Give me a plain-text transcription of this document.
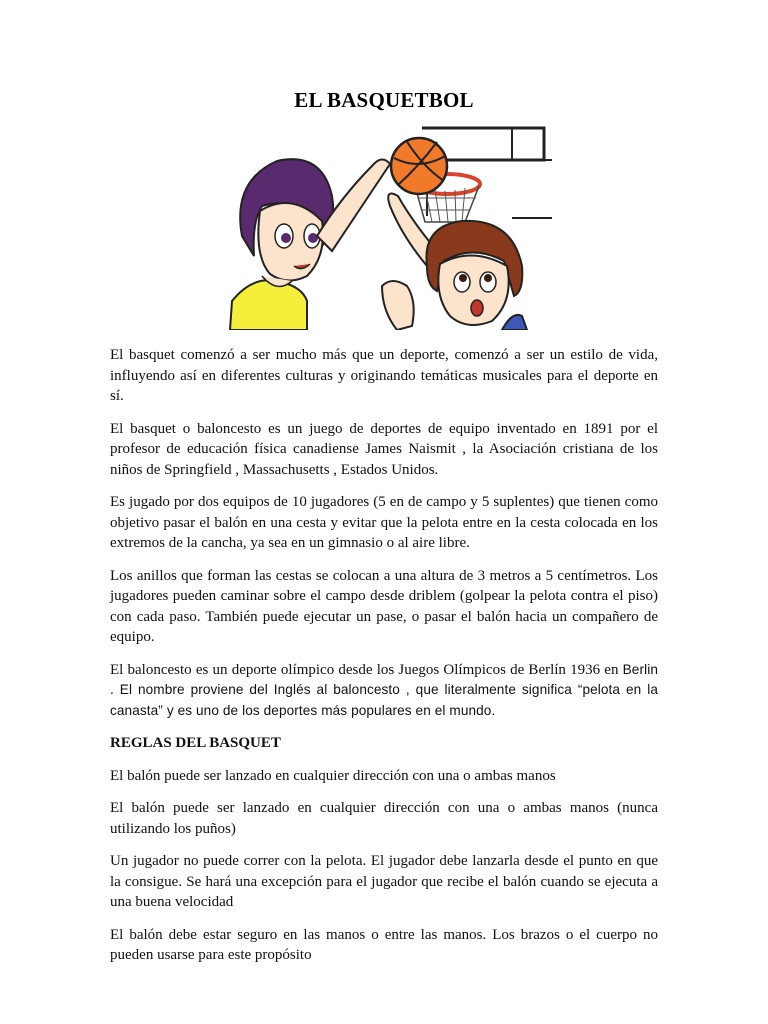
EL BASQUETBOL

El basquet comenzó a ser mucho más que un deporte, comenzó a ser un estilo de vida, influyendo así en diferentes culturas y originando temáticas musicales para el deporte en sí.

El basquet o baloncesto es un juego de deportes de equipo inventado en 1891 por el profesor de educación física canadiense James Naismit , la Asociación cristiana de los niños de Springfield , Massachusetts , Estados Unidos.

Es jugado por dos equipos de 10 jugadores (5 en de campo y 5 suplentes) que tienen como objetivo pasar el balón en una cesta y evitar que la pelota entre en la cesta colocada en los extremos de la cancha, ya sea en un gimnasio o al aire libre.

Los anillos que forman las cestas se colocan a una altura de 3 metros a 5 centímetros. Los jugadores pueden caminar sobre el campo desde driblem (golpear la pelota contra el piso) con cada paso. También puede ejecutar un pase, o pasar el balón hacia un compañero de equipo.

El baloncesto es un deporte olímpico desde los Juegos Olímpicos de Berlín 1936 en Berlin . El nombre proviene del Inglés al baloncesto , que literalmente significa “pelota en la canasta” y es uno de los deportes más populares en el mundo.

REGLAS DEL BASQUET

El balón puede ser lanzado en cualquier dirección con una o ambas manos

El balón puede ser lanzado en cualquier dirección con una o ambas manos (nunca utilizando los puños)

Un jugador no puede correr con la pelota. El jugador debe lanzarla desde el punto en que la consigue. Se hará una excepción para el jugador que recibe el balón cuando se ejecuta a una buena velocidad

El balón debe estar seguro en las manos o entre las manos. Los brazos o el cuerpo no pueden usarse para este propósito
